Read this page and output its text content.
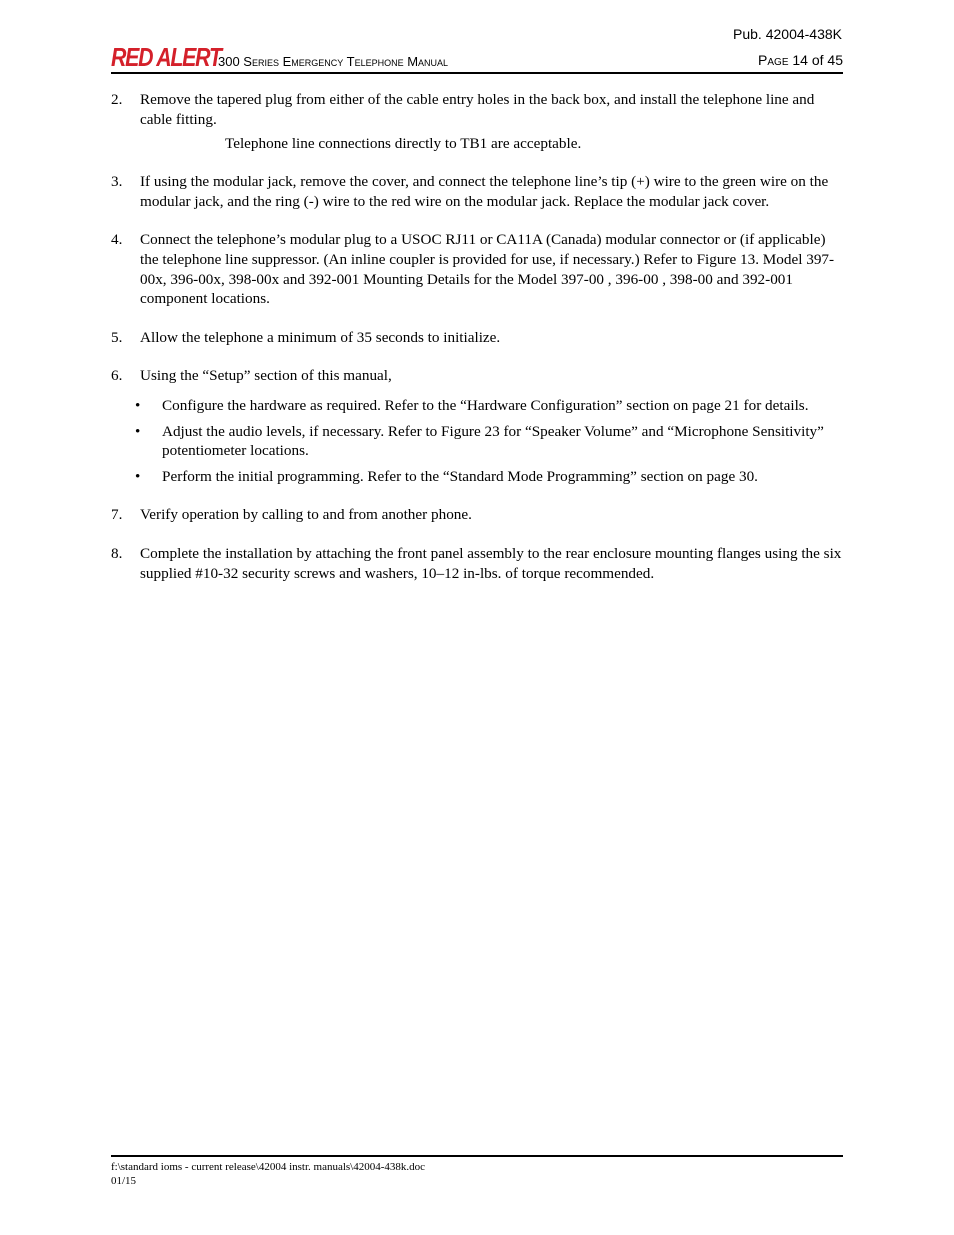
Pub. 42004-438K
RED ALERT
300 Series Emergency Telephone Manual	Page 14 of 45
2. Remove the tapered plug from either of the cable entry holes in the back box, and install the telephone line and cable fitting.
Telephone line connections directly to TB1 are acceptable.
3. If using the modular jack, remove the cover, and connect the telephone line’s tip (+) wire to the green wire on the modular jack, and the ring (-) wire to the red wire on the modular jack. Replace the modular jack cover.
4. Connect the telephone’s modular plug to a USOC RJ11 or CA11A (Canada) modular connector or (if applicable) the telephone line suppressor. (An inline coupler is provided for use, if necessary.) Refer to Figure 13. Model 397-00x, 396-00x, 398-00x and 392-001 Mounting Details for the Model 397-00 , 396-00 , 398-00 and 392-001 component locations.
5. Allow the telephone a minimum of 35 seconds to initialize.
6. Using the “Setup” section of this manual,
• Configure the hardware as required. Refer to the “Hardware Configuration” section on page 21 for details.
• Adjust the audio levels, if necessary. Refer to Figure 23 for “Speaker Volume” and “Microphone Sensitivity” potentiometer locations.
• Perform the initial programming. Refer to the “Standard Mode Programming” section on page 30.
7. Verify operation by calling to and from another phone.
8. Complete the installation by attaching the front panel assembly to the rear enclosure mounting flanges using the six supplied #10-32 security screws and washers, 10–12 in-lbs. of torque recommended.
f:\standard ioms - current release\42004 instr. manuals\42004-438k.doc
01/15
